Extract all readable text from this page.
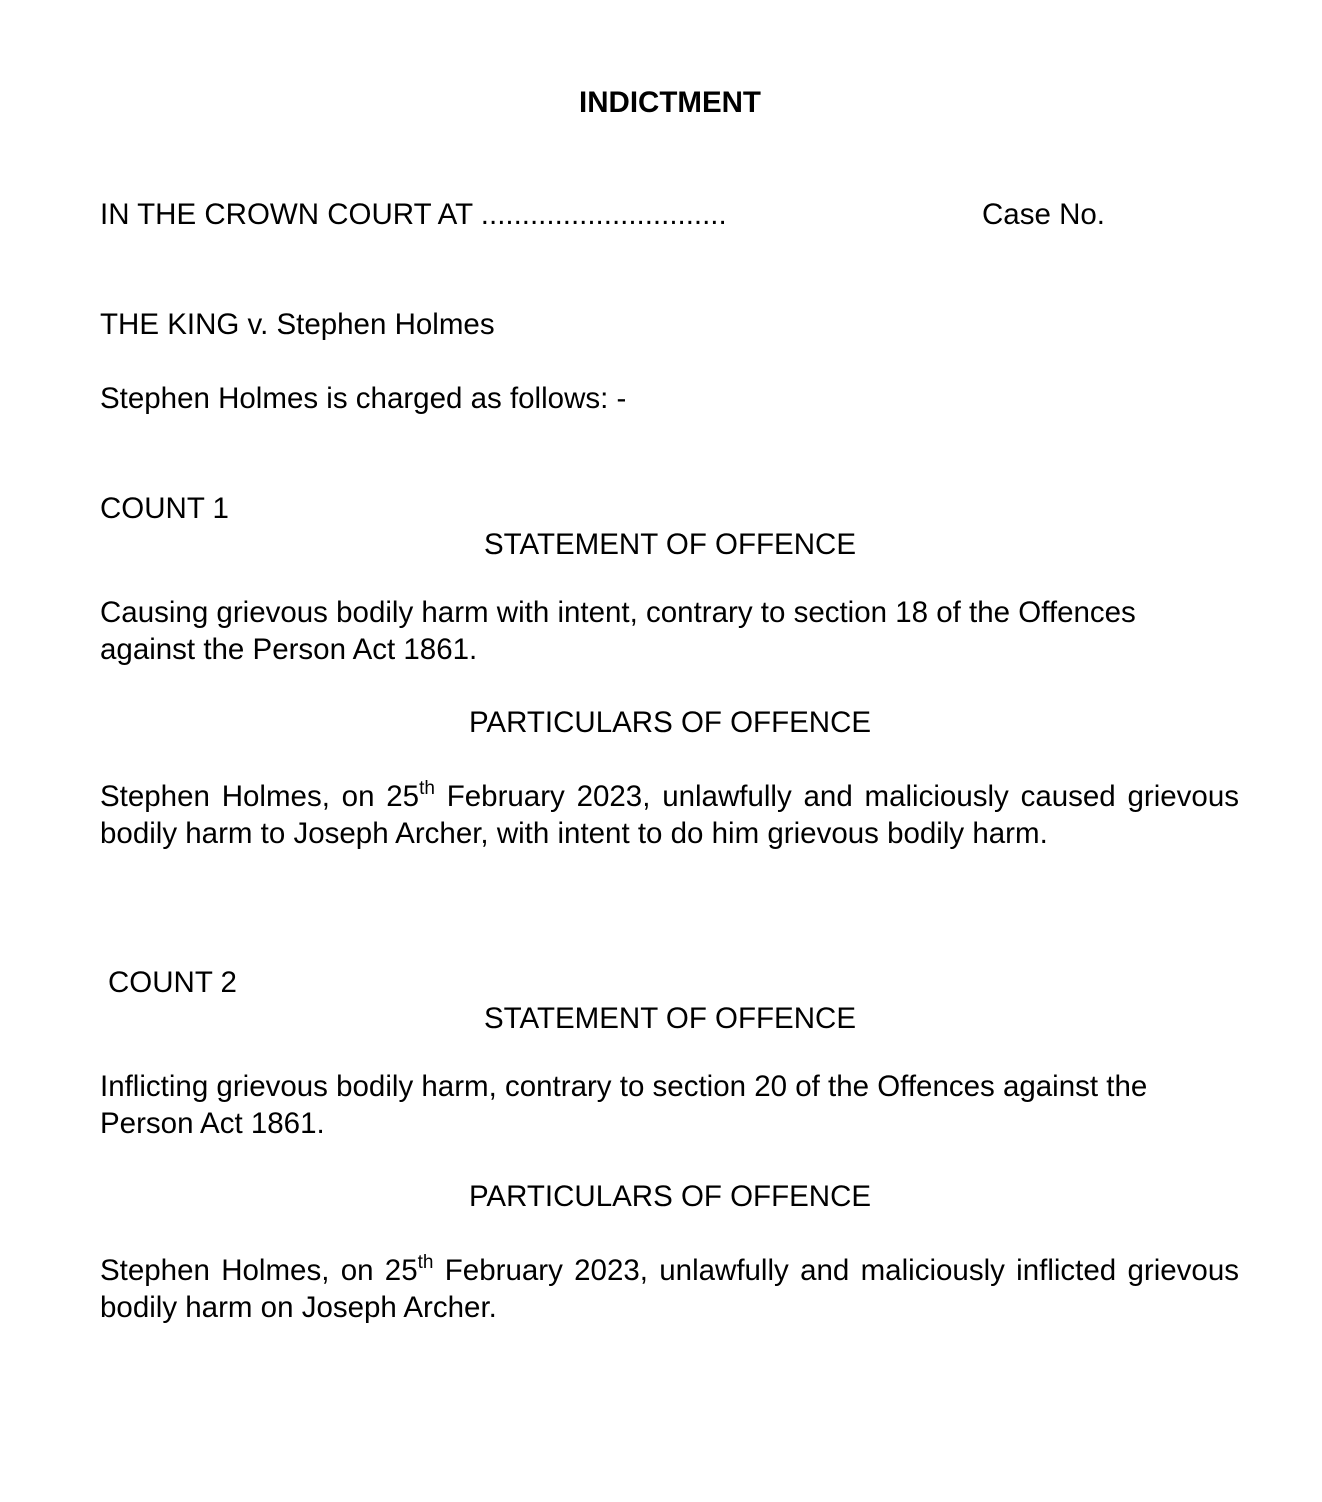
INDICTMENT
IN THE CROWN COURT AT ..............................	Case No.
THE KING v. Stephen Holmes
Stephen Holmes is charged as follows: -
COUNT 1
STATEMENT OF OFFENCE

Causing grievous bodily harm with intent, contrary to section 18 of the Offences against the Person Act 1861.

PARTICULARS OF OFFENCE

Stephen Holmes, on 25th February 2023, unlawfully and maliciously caused grievous bodily harm to Joseph Archer, with intent to do him grievous bodily harm.

COUNT 2
STATEMENT OF OFFENCE

Inflicting grievous bodily harm, contrary to section 20 of the Offences against the Person Act 1861.

PARTICULARS OF OFFENCE

Stephen Holmes, on 25th February 2023, unlawfully and maliciously inflicted grievous bodily harm on Joseph Archer.
